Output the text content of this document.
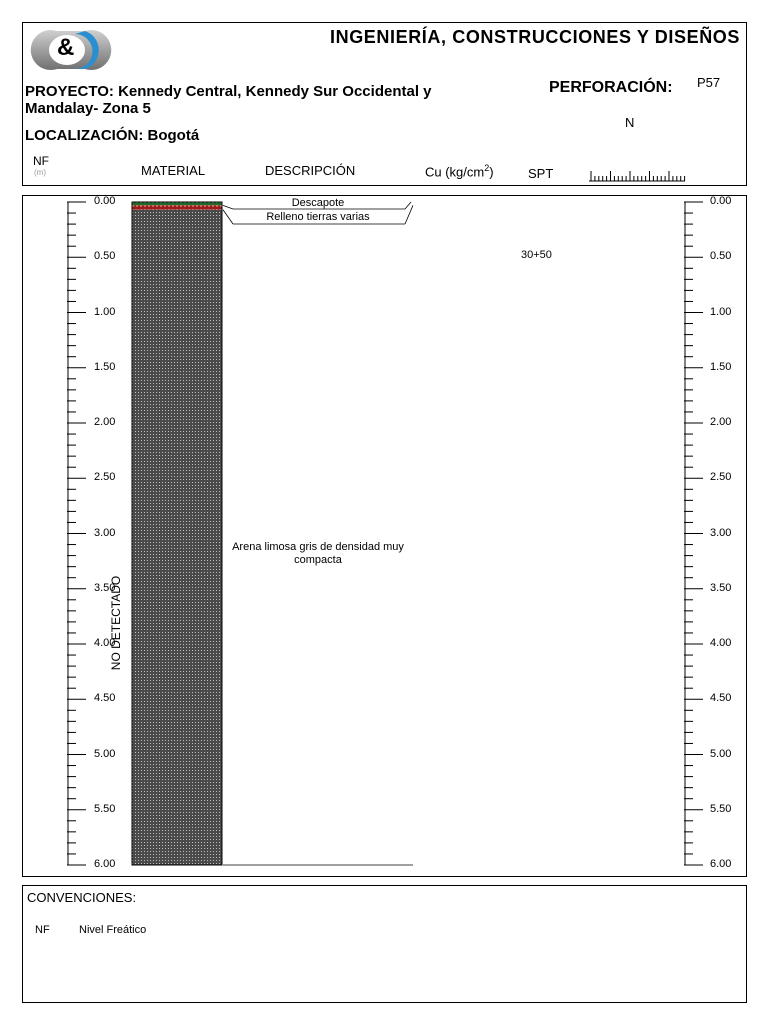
&	INGENIERÍA, CONSTRUCCIONES Y DISEÑOS
PROYECTO: Kennedy Central, Kennedy Sur Occidental y Mandalay- Zona 5
LOCALIZACIÓN: Bogotá
PERFORACIÓN: P57
N
NF
(m)	MATERIAL	DESCRIPCIÓN	Cu $(kg/cm^2)$	SPT
NO DETECTADO
0.00
0.50
1.00
1.50
2.00
2.50
3.00
3.50
4.00
4.50
5.00
5.50
6.00
0.00
0.50
1.00
1.50
2.00
2.50
3.00
3.50
4.00
4.50
5.00
5.50
6.00
Descapote
Relleno tierras varias
Arena limosa gris de densidad muy compacta
30+50
CONVENCIONES:
NF	Nivel Freático
